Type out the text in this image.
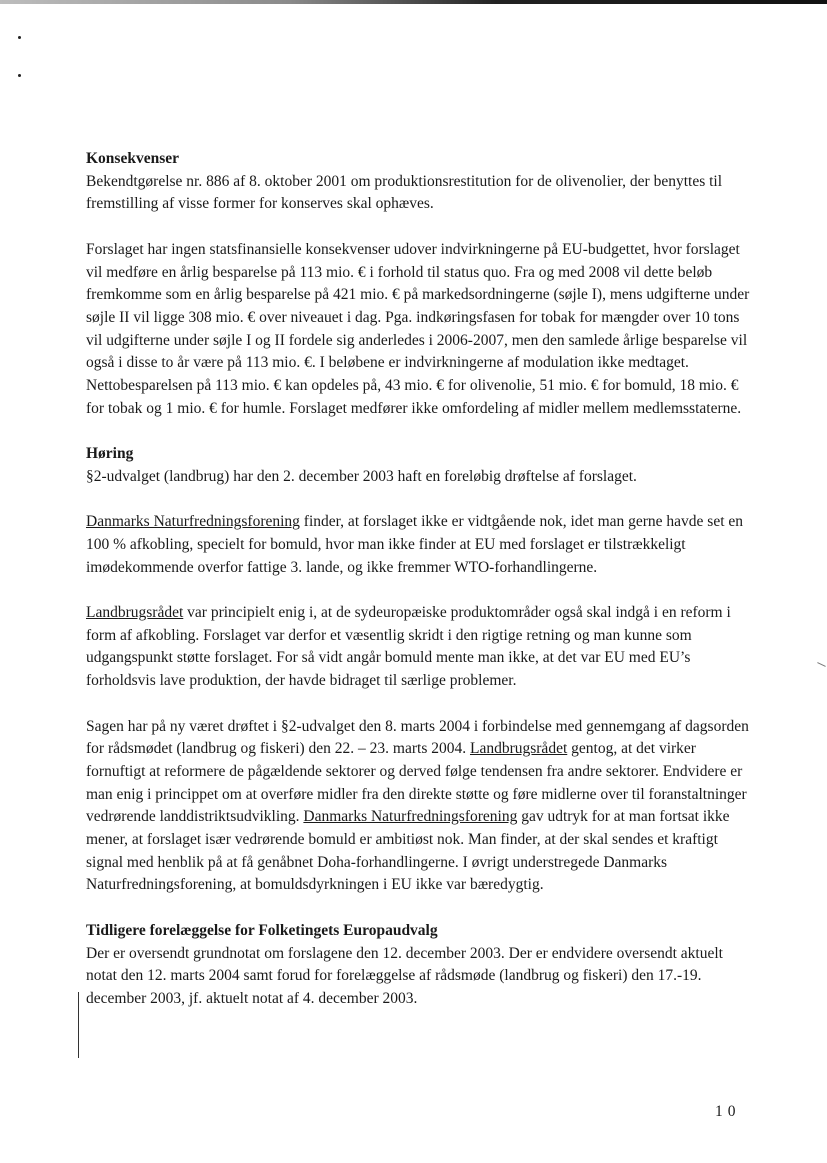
Konsekvenser

Bekendtgørelse nr. 886 af 8. oktober 2001 om produktionsrestitution for de olivenolier, der benyttes til fremstilling af visse former for konserves skal ophæves.

Forslaget har ingen statsfinansielle konsekvenser udover indvirkningerne på EU-budgettet, hvor forslaget vil medføre en årlig besparelse på 113 mio. € i forhold til status quo. Fra og med 2008 vil dette beløb fremkomme som en årlig besparelse på 421 mio. € på markedsordningerne (søjle I), mens udgifterne under søjle II vil ligge 308 mio. € over niveauet i dag. Pga. indkøringsfasen for tobak for mængder over 10 tons vil udgifterne under søjle I og II fordele sig anderledes i 2006-2007, men den samlede årlige besparelse vil også i disse to år være på 113 mio. €. I beløbene er indvirkningerne af modulation ikke medtaget. Nettobesparelsen på 113 mio. € kan opdeles på, 43 mio. € for olivenolie, 51 mio. € for bomuld, 18 mio. € for tobak og 1 mio. € for humle. Forslaget medfører ikke omfordeling af midler mellem medlemsstaterne.

Høring

§2-udvalget (landbrug) har den 2. december 2003 haft en foreløbig drøftelse af forslaget.

Danmarks Naturfredningsforening finder, at forslaget ikke er vidtgående nok, idet man gerne havde set en 100 % afkobling, specielt for bomuld, hvor man ikke finder at EU med forslaget er tilstrækkeligt imødekommende overfor fattige 3. lande, og ikke fremmer WTO-forhandlingerne.

Landbrugsrådet var principielt enig i, at de sydeuropæiske produktområder også skal indgå i en reform i form af afkobling. Forslaget var derfor et væsentlig skridt i den rigtige retning og man kunne som udgangspunkt støtte forslaget. For så vidt angår bomuld mente man ikke, at det var EU med EU’s forholdsvis lave produktion, der havde bidraget til særlige problemer.

Sagen har på ny været drøftet i §2-udvalget den 8. marts 2004 i forbindelse med gennemgang af dagsorden for rådsmødet (landbrug og fiskeri) den 22. – 23. marts 2004. Landbrugsrådet gentog, at det virker fornuftigt at reformere de pågældende sektorer og derved følge tendensen fra andre sektorer. Endvidere er man enig i princippet om at overføre midler fra den direkte støtte og føre midlerne over til foranstaltninger vedrørende landdistriktsudvikling. Danmarks Naturfredningsforening gav udtryk for at man fortsat ikke mener, at forslaget især vedrørende bomuld er ambitiøst nok. Man finder, at der skal sendes et kraftigt signal med henblik på at få genåbnet Doha-forhandlingerne. I øvrigt understregede Danmarks Naturfredningsforening, at bomuldsdyrkningen i EU ikke var bæredygtig.

Tidligere forelæggelse for Folketingets Europaudvalg

Der er oversendt grundnotat om forslagene den 12. december 2003. Der er endvidere oversendt aktuelt notat den 12. marts 2004 samt forud for forelæggelse af rådsmøde (landbrug og fiskeri) den 17.-19. december 2003, jf. aktuelt notat af 4. december 2003.

10
